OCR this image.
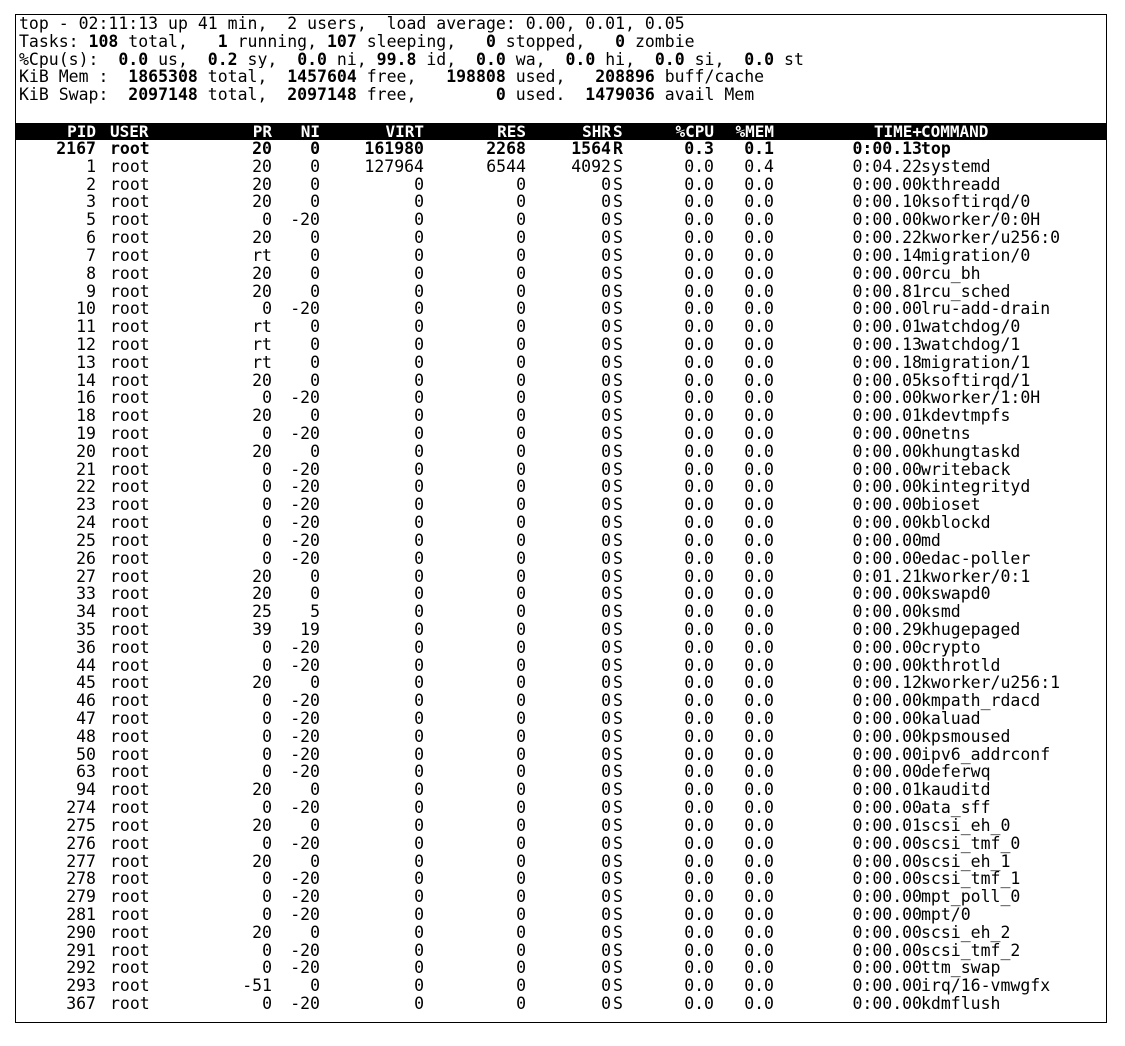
top - 02:11:13 up 41 min,  2 users,  load average: 0.00, 0.01, 0.05
Tasks: 108 total,   1 running, 107 sleeping,   0 stopped,   0 zombie
%Cpu(s):  0.0 us,  0.2 sy,  0.0 ni, 99.8 id,  0.0 wa,  0.0 hi,  0.0 si,  0.0 st
KiB Mem :  1865308 total,  1457604 free,   198808 used,   208896 buff/cache
KiB Swap:  2097148 total,  2097148 free,        0 used.  1479036 avail Mem
PID USER	PR	NI	VIRT	RES	SHR S	%CPU	%MEM	TIME+ COMMAND
2167 root	20	0	161980	2268	1564 R	0.3	0.1	0:00.13 top
1 root	20	0	127964	6544	4092 S	0.0	0.4	0:04.22 systemd
2 root	20	0	0	0	0 S	0.0	0.0	0:00.00 kthreadd
3 root	20	0	0	0	0 S	0.0	0.0	0:00.10 ksoftirqd/0
5 root	0	-20	0	0	0 S	0.0	0.0	0:00.00 kworker/0:0H
6 root	20	0	0	0	0 S	0.0	0.0	0:00.22 kworker/u256:0
7 root	rt	0	0	0	0 S	0.0	0.0	0:00.14 migration/0
8 root	20	0	0	0	0 S	0.0	0.0	0:00.00 rcu_bh
9 root	20	0	0	0	0 S	0.0	0.0	0:00.81 rcu_sched
10 root	0	-20	0	0	0 S	0.0	0.0	0:00.00 lru-add-drain
11 root	rt	0	0	0	0 S	0.0	0.0	0:00.01 watchdog/0
12 root	rt	0	0	0	0 S	0.0	0.0	0:00.13 watchdog/1
13 root	rt	0	0	0	0 S	0.0	0.0	0:00.18 migration/1
14 root	20	0	0	0	0 S	0.0	0.0	0:00.05 ksoftirqd/1
16 root	0	-20	0	0	0 S	0.0	0.0	0:00.00 kworker/1:0H
18 root	20	0	0	0	0 S	0.0	0.0	0:00.01 kdevtmpfs
19 root	0	-20	0	0	0 S	0.0	0.0	0:00.00 netns
20 root	20	0	0	0	0 S	0.0	0.0	0:00.00 khungtaskd
21 root	0	-20	0	0	0 S	0.0	0.0	0:00.00 writeback
22 root	0	-20	0	0	0 S	0.0	0.0	0:00.00 kintegrityd
23 root	0	-20	0	0	0 S	0.0	0.0	0:00.00 bioset
24 root	0	-20	0	0	0 S	0.0	0.0	0:00.00 kblockd
25 root	0	-20	0	0	0 S	0.0	0.0	0:00.00 md
26 root	0	-20	0	0	0 S	0.0	0.0	0:00.00 edac-poller
27 root	20	0	0	0	0 S	0.0	0.0	0:01.21 kworker/0:1
33 root	20	0	0	0	0 S	0.0	0.0	0:00.00 kswapd0
34 root	25	5	0	0	0 S	0.0	0.0	0:00.00 ksmd
35 root	39	19	0	0	0 S	0.0	0.0	0:00.29 khugepaged
36 root	0	-20	0	0	0 S	0.0	0.0	0:00.00 crypto
44 root	0	-20	0	0	0 S	0.0	0.0	0:00.00 kthrotld
45 root	20	0	0	0	0 S	0.0	0.0	0:00.12 kworker/u256:1
46 root	0	-20	0	0	0 S	0.0	0.0	0:00.00 kmpath_rdacd
47 root	0	-20	0	0	0 S	0.0	0.0	0:00.00 kaluad
48 root	0	-20	0	0	0 S	0.0	0.0	0:00.00 kpsmoused
50 root	0	-20	0	0	0 S	0.0	0.0	0:00.00 ipv6_addrconf
63 root	0	-20	0	0	0 S	0.0	0.0	0:00.00 deferwq
94 root	20	0	0	0	0 S	0.0	0.0	0:00.01 kauditd
274 root	0	-20	0	0	0 S	0.0	0.0	0:00.00 ata_sff
275 root	20	0	0	0	0 S	0.0	0.0	0:00.01 scsi_eh_0
276 root	0	-20	0	0	0 S	0.0	0.0	0:00.00 scsi_tmf_0
277 root	20	0	0	0	0 S	0.0	0.0	0:00.00 scsi_eh_1
278 root	0	-20	0	0	0 S	0.0	0.0	0:00.00 scsi_tmf_1
279 root	0	-20	0	0	0 S	0.0	0.0	0:00.00 mpt_poll_0
281 root	0	-20	0	0	0 S	0.0	0.0	0:00.00 mpt/0
290 root	20	0	0	0	0 S	0.0	0.0	0:00.00 scsi_eh_2
291 root	0	-20	0	0	0 S	0.0	0.0	0:00.00 scsi_tmf_2
292 root	0	-20	0	0	0 S	0.0	0.0	0:00.00 ttm_swap
293 root	-51	0	0	0	0 S	0.0	0.0	0:00.00 irq/16-vmwgfx
367 root	0	-20	0	0	0 S	0.0	0.0	0:00.00 kdmflush
